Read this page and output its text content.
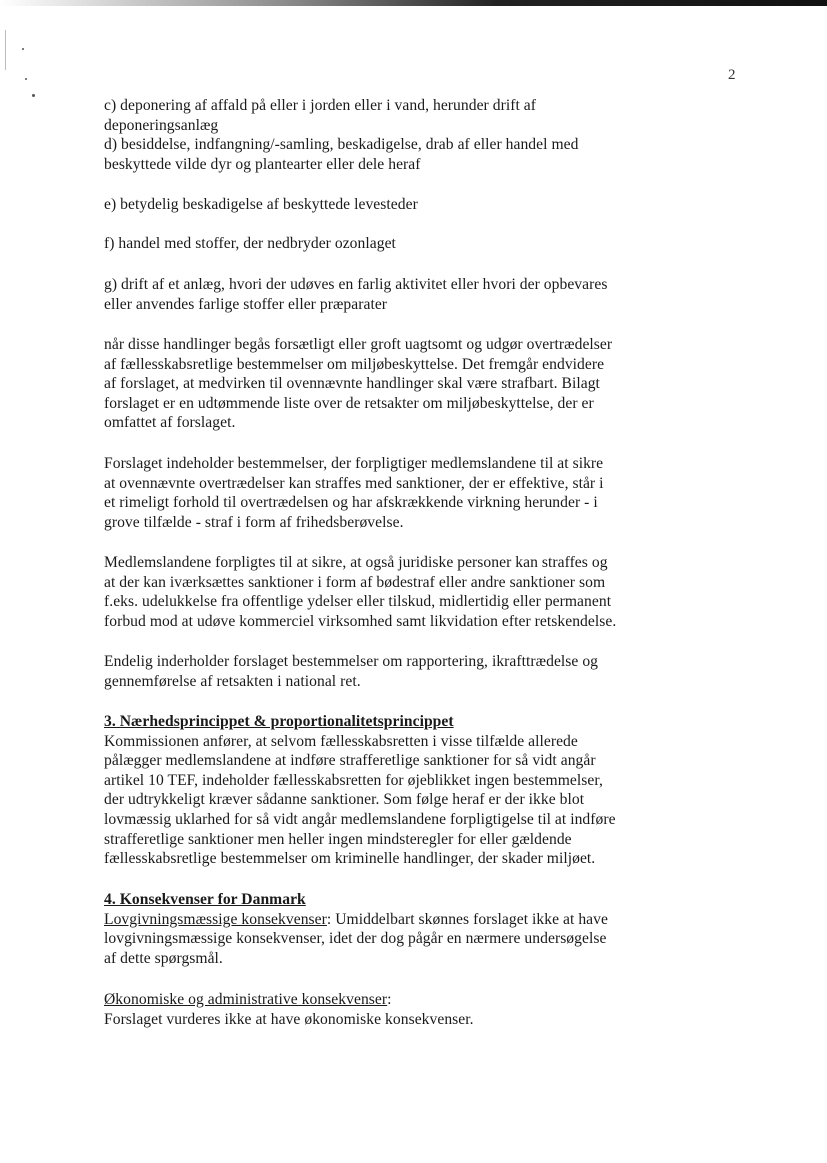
2
c) deponering af affald på eller i jorden eller i vand, herunder drift af
deponeringsanlæg
d) besiddelse, indfangning/-samling, beskadigelse, drab af eller handel med
beskyttede vilde dyr og plantearter eller dele heraf
e) betydelig beskadigelse af beskyttede levesteder
f) handel med stoffer, der nedbryder ozonlaget
g) drift af et anlæg, hvori der udøves en farlig aktivitet eller hvori der opbevares
eller anvendes farlige stoffer eller præparater
når disse handlinger begås forsætligt eller groft uagtsomt og udgør overtrædelser
af fællesskabsretlige bestemmelser om miljøbeskyttelse. Det fremgår endvidere
af forslaget, at medvirken til ovennævnte handlinger skal være strafbart. Bilagt
forslaget er en udtømmende liste over de retsakter om miljøbeskyttelse, der er
omfattet af forslaget.
Forslaget indeholder bestemmelser, der forpligtiger medlemslandene til at sikre
at ovennævnte overtrædelser kan straffes med sanktioner, der er effektive, står i
et rimeligt forhold til overtrædelsen og har afskrækkende virkning herunder - i
grove tilfælde - straf i form af frihedsberøvelse.
Medlemslandene forpligtes til at sikre, at også juridiske personer kan straffes og
at der kan iværksættes sanktioner i form af bødestraf eller andre sanktioner som
f.eks. udelukkelse fra offentlige ydelser eller tilskud, midlertidig eller permanent
forbud mod at udøve kommerciel virksomhed samt likvidation efter retskendelse.
Endelig inderholder forslaget bestemmelser om rapportering, ikrafttrædelse og
gennemførelse af retsakten i national ret.
3. Nærhedsprincippet & proportionalitetsprincippet
Kommissionen anfører, at selvom fællesskabsretten i visse tilfælde allerede
pålægger medlemslandene at indføre strafferetlige sanktioner for så vidt angår
artikel 10 TEF, indeholder fællesskabsretten for øjeblikket ingen bestemmelser,
der udtrykkeligt kræver sådanne sanktioner. Som følge heraf er der ikke blot
lovmæssig uklarhed for så vidt angår medlemslandene forpligtigelse til at indføre
strafferetlige sanktioner men heller ingen mindsteregler for eller gældende
fællesskabsretlige bestemmelser om kriminelle handlinger, der skader miljøet.
4. Konsekvenser for Danmark
Lovgivningsmæssige konsekvenser: Umiddelbart skønnes forslaget ikke at have
lovgivningsmæssige konsekvenser, idet der dog pågår en nærmere undersøgelse
af dette spørgsmål.
Økonomiske og administrative konsekvenser:
Forslaget vurderes ikke at have økonomiske konsekvenser.
